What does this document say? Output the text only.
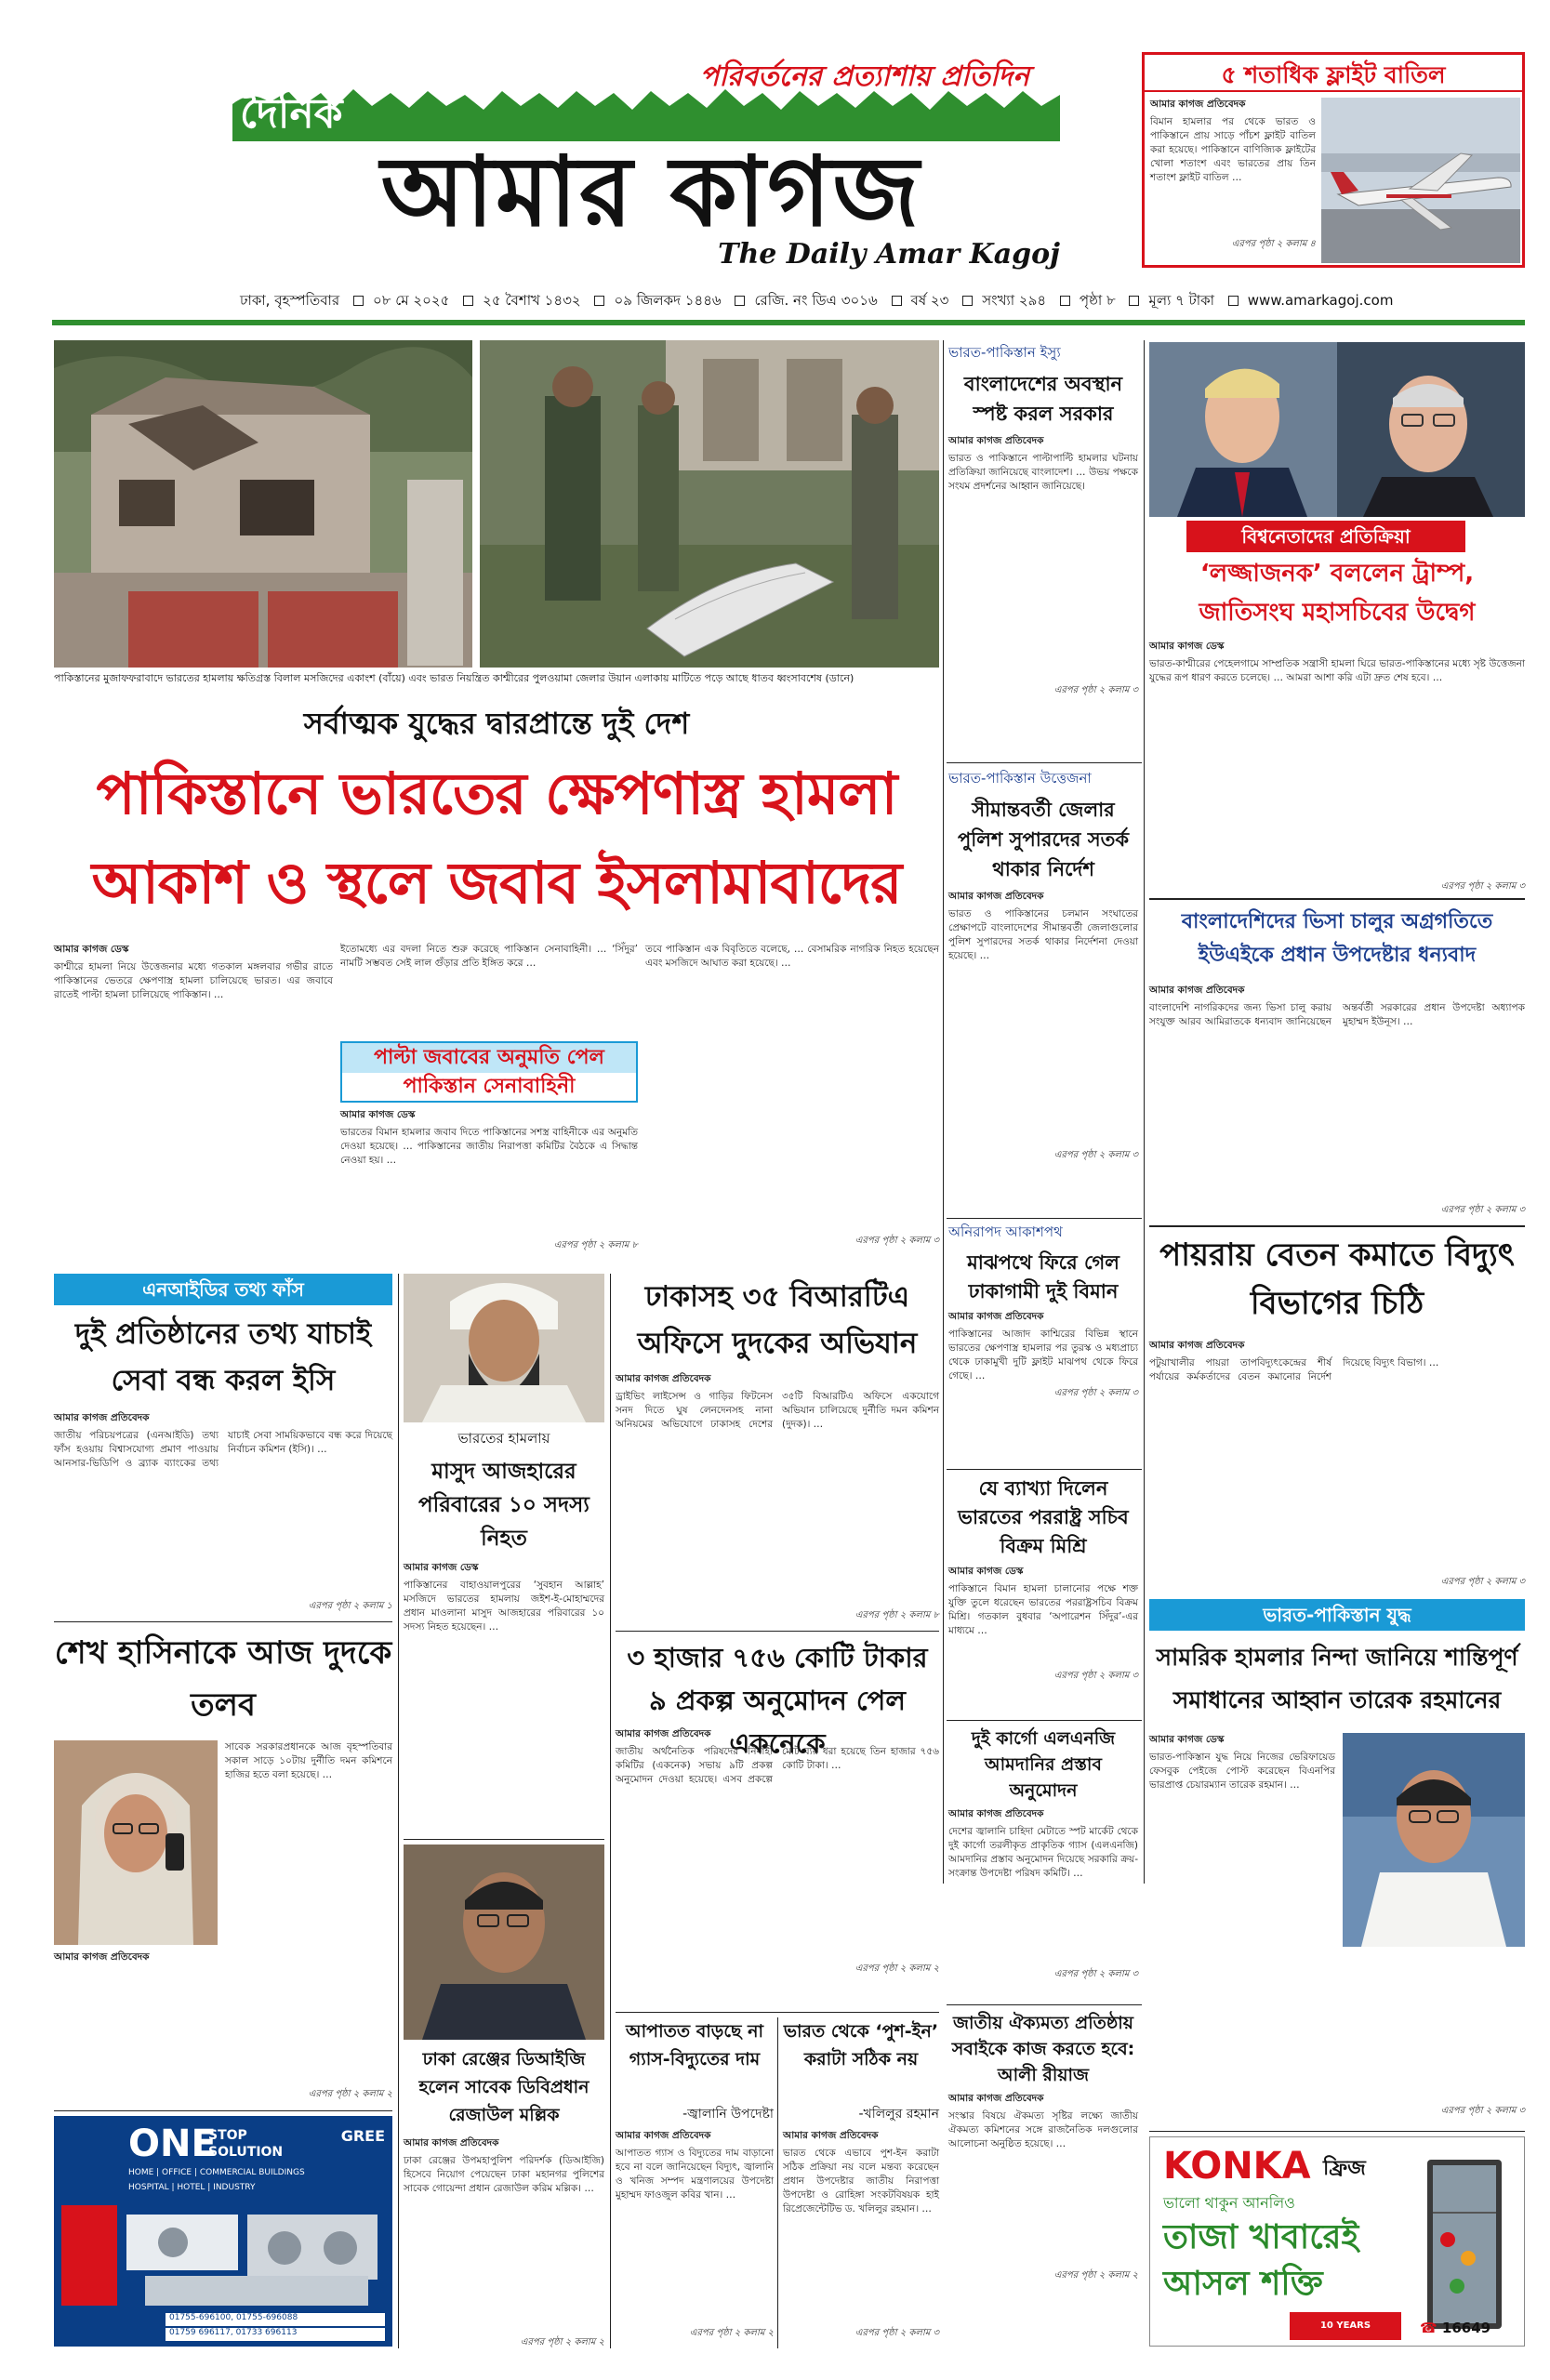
পরিবর্তনের প্রত্যাশায় প্রতিদিন
দৈনিক
আমার কাগজ
The Daily Amar Kagoj
৫ শতাধিক ফ্লাইট বাতিল
আমার কাগজ প্রতিবেদক
বিমান হামলার পর থেকে ভারত ও পাকিস্তানে প্রায় সাড়ে পাঁচশ ফ্লাইট বাতিল করা হয়েছে। পাকিস্তানে বাণিজ্যিক ফ্লাইটের খোলা শতাংশ এবং ভারতের প্রায় তিন শতাংশ ফ্লাইট বাতিল …
এরপর পৃষ্ঠা ২ কলাম ৪
ঢাকা, বৃহস্পতিবার ০৮ মে ২০২৫ ২৫ বৈশাখ ১৪৩২ ০৯ জিলকদ ১৪৪৬ রেজি. নং ডিএ ৩০১৬ বর্ষ ২৩ সংখ্যা ২৯৪ পৃষ্ঠা ৮ মূল্য ৭ টাকা www.amarkagoj.com
পাকিস্তানের মুজাফফরাবাদে ভারতের হামলায় ক্ষতিগ্রস্ত বিলাল মসজিদের একাংশ (বাঁয়ে) এবং ভারত নিয়ন্ত্রিত কাশ্মীরের পুলওয়ামা জেলার উয়ান এলাকায় মাটিতে পড়ে আছে ধাতব ধ্বংসাবশেষ (ডানে)
সর্বাত্মক যুদ্ধের দ্বারপ্রান্তে দুই দেশ
পাকিস্তানে ভারতের ক্ষেপণাস্ত্র হামলা
আকাশ ও স্থলে জবাব ইসলামাবাদের
আমার কাগজ ডেস্ক
কাশ্মীরে হামলা নিয়ে উত্তেজনার মধ্যে গতকাল মঙ্গলবার গভীর রাতে পাকিস্তানের ভেতরে ক্ষেপণাস্ত্র হামলা চালিয়েছে ভারত। এর জবাবে রাতেই পাল্টা হামলা চালিয়েছে পাকিস্তান। …
ইতোমধ্যে এর বদলা নিতে শুরু করেছে পাকিস্তান সেনাবাহিনী। … ‘সিঁদুর’ নামটি সম্ভবত সেই লাল গুঁড়ার প্রতি ইঙ্গিত করে …
তবে পাকিস্তান এক বিবৃতিতে বলেছে, … বেসামরিক নাগরিক নিহত হয়েছেন এবং মসজিদে আঘাত করা হয়েছে। …
এরপর পৃষ্ঠা ২ কলাম ৩
পাল্টা জবাবের অনুমতি পেল
পাকিস্তান সেনাবাহিনী
আমার কাগজ ডেস্ক
ভারতের বিমান হামলার জবাব দিতে পাকিস্তানের সশস্ত্র বাহিনীকে এর অনুমতি দেওয়া হয়েছে। … পাকিস্তানের জাতীয় নিরাপত্তা কমিটির বৈঠকে এ সিদ্ধান্ত নেওয়া হয়। …
এরপর পৃষ্ঠা ২ কলাম ৮
ভারত-পাকিস্তান ইস্যু
বাংলাদেশের অবস্থান স্পষ্ট করল সরকার
আমার কাগজ প্রতিবেদক
ভারত ও পাকিস্তানে পাল্টাপাল্টি হামলার ঘটনায় প্রতিক্রিয়া জানিয়েছে বাংলাদেশ। … উভয় পক্ষকে সংযম প্রদর্শনের আহ্বান জানিয়েছে।
এরপর পৃষ্ঠা ২ কলাম ৩
ভারত-পাকিস্তান উত্তেজনা
সীমান্তবর্তী জেলার পুলিশ সুপারদের সতর্ক থাকার নির্দেশ
আমার কাগজ প্রতিবেদক
ভারত ও পাকিস্তানের চলমান সংঘাতের প্রেক্ষাপটে বাংলাদেশের সীমান্তবর্তী জেলাগুলোর পুলিশ সুপারদের সতর্ক থাকার নির্দেশনা দেওয়া হয়েছে। …
এরপর পৃষ্ঠা ২ কলাম ৩
অনিরাপদ আকাশপথ
মাঝপথে ফিরে গেল ঢাকাগামী দুই বিমান
আমার কাগজ প্রতিবেদক
পাকিস্তানের আজাদ কাশ্মিরের বিভিন্ন স্থানে ভারতের ক্ষেপণাস্ত্র হামলার পর তুরস্ক ও মধ্যপ্রাচ্য থেকে ঢাকামুখী দুটি ফ্লাইট মাঝপথ থেকে ফিরে গেছে। …
এরপর পৃষ্ঠা ২ কলাম ৩
যে ব্যাখ্যা দিলেন ভারতের পররাষ্ট্র সচিব বিক্রম মিশ্রি
আমার কাগজ ডেস্ক
পাকিস্তানে বিমান হামলা চালানোর পক্ষে শক্ত যুক্তি তুলে ধরেছেন ভারতের পররাষ্ট্রসচিব বিক্রম মিশ্রি। গতকাল বুধবার ‘অপারেশন সিঁদুর’-এর মাধ্যমে …
এরপর পৃষ্ঠা ২ কলাম ৩
দুই কার্গো এলএনজি আমদানির প্রস্তাব অনুমোদন
আমার কাগজ প্রতিবেদক
দেশের জ্বালানি চাহিদা মেটাতে স্পট মার্কেট থেকে দুই কার্গো তরলীকৃত প্রাকৃতিক গ্যাস (এলএনজি) আমদানির প্রস্তাব অনুমোদন দিয়েছে সরকারি ক্রয়-সংক্রান্ত উপদেষ্টা পরিষদ কমিটি। …
এরপর পৃষ্ঠা ২ কলাম ৩
জাতীয় ঐক্যমত্য প্রতিষ্ঠায় সবাইকে কাজ করতে হবে: আলী রীয়াজ
আমার কাগজ প্রতিবেদক
সংস্কার বিষয়ে ঐকমত্য সৃষ্টির লক্ষ্যে জাতীয় ঐকমত্য কমিশনের সঙ্গে রাজনৈতিক দলগুলোর আলোচনা অনুষ্ঠিত হয়েছে। …
এরপর পৃষ্ঠা ২ কলাম ২
বিশ্বনেতাদের প্রতিক্রিয়া
‘লজ্জাজনক’ বললেন ট্রাম্প, জাতিসংঘ মহাসচিবের উদ্বেগ
আমার কাগজ ডেস্ক
ভারত-কাশ্মীরের পেহেলগামে সাম্প্রতিক সন্ত্রাসী হামলা ঘিরে ভারত-পাকিস্তানের মধ্যে সৃষ্ট উত্তেজনা যুদ্ধের রূপ ধারণ করতে চলেছে। … আমরা আশা করি এটা দ্রুত শেষ হবে। …
এরপর পৃষ্ঠা ২ কলাম ৩
বাংলাদেশিদের ভিসা চালুর অগ্রগতিতে ইউএইকে প্রধান উপদেষ্টার ধন্যবাদ
আমার কাগজ প্রতিবেদক
বাংলাদেশি নাগরিকদের জন্য ভিসা চালু করায় সংযুক্ত আরব আমিরাতকে ধন্যবাদ জানিয়েছেন অন্তর্বর্তী সরকারের প্রধান উপদেষ্টা অধ্যাপক মুহাম্মদ ইউনূস। …
এরপর পৃষ্ঠা ২ কলাম ৩
পায়রায় বেতন কমাতে বিদ্যুৎ বিভাগের চিঠি
আমার কাগজ প্রতিবেদক
পটুয়াখালীর পায়রা তাপবিদ্যুৎকেন্দ্রের শীর্ষ পর্যায়ের কর্মকর্তাদের বেতন কমানোর নির্দেশ দিয়েছে বিদ্যুৎ বিভাগ। …
এরপর পৃষ্ঠা ২ কলাম ৩
ভারত-পাকিস্তান যুদ্ধ
সামরিক হামলার নিন্দা জানিয়ে শান্তিপূর্ণ সমাধানের আহ্বান তারেক রহমানের
আমার কাগজ ডেস্ক
ভারত-পাকিস্তান যুদ্ধ নিয়ে নিজের ভেরিফায়েড ফেসবুক পেইজে পোস্ট করেছেন বিএনপির ভারপ্রাপ্ত চেয়ারম্যান তারেক রহমান। …
এরপর পৃষ্ঠা ২ কলাম ৩
KONKA ফ্রিজ
ভালো থাকুন আনলিও
তাজা খাবারেই
আসল শক্তি
10 YEARS WARRANTY
☎ 16649
এনআইডির তথ্য ফাঁস
দুই প্রতিষ্ঠানের তথ্য যাচাই সেবা বন্ধ করল ইসি
আমার কাগজ প্রতিবেদক
জাতীয় পরিচয়পত্রের (এনআইডি) তথ্য ফাঁস হওয়ায় বিশ্বাসযোগ্য প্রমাণ পাওয়ায় আনসার-ভিডিপি ও ব্র্যাক ব্যাংকের তথ্য যাচাই সেবা সাময়িকভাবে বন্ধ করে দিয়েছে নির্বাচন কমিশন (ইসি)। …
এরপর পৃষ্ঠা ২ কলাম ১
শেখ হাসিনাকে আজ দুদকে তলব
সাবেক সরকারপ্রধানকে আজ বৃহস্পতিবার সকাল সাড়ে ১০টায় দুর্নীতি দমন কমিশনে হাজির হতে বলা হয়েছে। …
এরপর পৃষ্ঠা ২ কলাম ২
আমার কাগজ প্রতিবেদক
ONE
STOP SOLUTION
GREE
HOME | OFFICE | COMMERCIAL BUILDINGS
HOSPITAL | HOTEL | INDUSTRY
01755-696100, 01755-696088
01759 696117, 01733 696113
ভারতের হামলায়
মাসুদ আজহারের পরিবারের ১০ সদস্য নিহত
আমার কাগজ ডেস্ক
পাকিস্তানের বাহাওয়ালপুরের ‘সুবহান আল্লাহ’ মসজিদে ভারতের হামলায় জইশ-ই-মোহাম্মদের প্রধান মাওলানা মাসুদ আজহারের পরিবারের ১০ সদস্য নিহত হয়েছেন। …
ঢাকা রেঞ্জের ডিআইজি হলেন সাবেক ডিবিপ্রধান রেজাউল মল্লিক
আমার কাগজ প্রতিবেদক
ঢাকা রেঞ্জের উপমহাপুলিশ পরিদর্শক (ডিআইজি) হিসেবে নিয়োগ পেয়েছেন ঢাকা মহানগর পুলিশের সাবেক গোয়েন্দা প্রধান রেজাউল করিম মল্লিক। …
এরপর পৃষ্ঠা ২ কলাম ২
ঢাকাসহ ৩৫ বিআরটিএ অফিসে দুদকের অভিযান
আমার কাগজ প্রতিবেদক
ড্রাইভিং লাইসেন্স ও গাড়ির ফিটনেস সনদ দিতে ঘুষ লেনদেনসহ নানা অনিয়মের অভিযোগে ঢাকাসহ দেশের ৩৫টি বিআরটিএ অফিসে একযোগে অভিযান চালিয়েছে দুর্নীতি দমন কমিশন (দুদক)। …
এরপর পৃষ্ঠা ২ কলাম ৮
৩ হাজার ৭৫৬ কোটি টাকার ৯ প্রকল্প অনুমোদন পেল একনেকে
আমার কাগজ প্রতিবেদক
জাতীয় অর্থনৈতিক পরিষদের নির্বাহী কমিটির (একনেক) সভায় ৯টি প্রকল্প অনুমোদন দেওয়া হয়েছে। এসব প্রকল্পে মোট ব্যয় ধরা হয়েছে তিন হাজার ৭৫৬ কোটি টাকা। …
এরপর পৃষ্ঠা ২ কলাম ২
আপাতত বাড়ছে না গ্যাস-বিদ্যুতের দাম
-জ্বালানি উপদেষ্টা
আমার কাগজ প্রতিবেদক
আপাতত গ্যাস ও বিদ্যুতের দাম বাড়ানো হবে না বলে জানিয়েছেন বিদ্যুৎ, জ্বালানি ও খনিজ সম্পদ মন্ত্রণালয়ের উপদেষ্টা মুহাম্মদ ফাওজুল কবির খান। …
এরপর পৃষ্ঠা ২ কলাম ২
ভারত থেকে ‘পুশ-ইন’ করাটা সঠিক নয়
-খলিলুর রহমান
আমার কাগজ প্রতিবেদক
ভারত থেকে এভাবে পুশ-ইন করাটা সঠিক প্রক্রিয়া নয় বলে মন্তব্য করেছেন প্রধান উপদেষ্টার জাতীয় নিরাপত্তা উপদেষ্টা ও রোহিঙ্গা সংকটবিষয়ক হাই রিপ্রেজেন্টেটিভ ড. খলিলুর রহমান। …
এরপর পৃষ্ঠা ২ কলাম ৩
